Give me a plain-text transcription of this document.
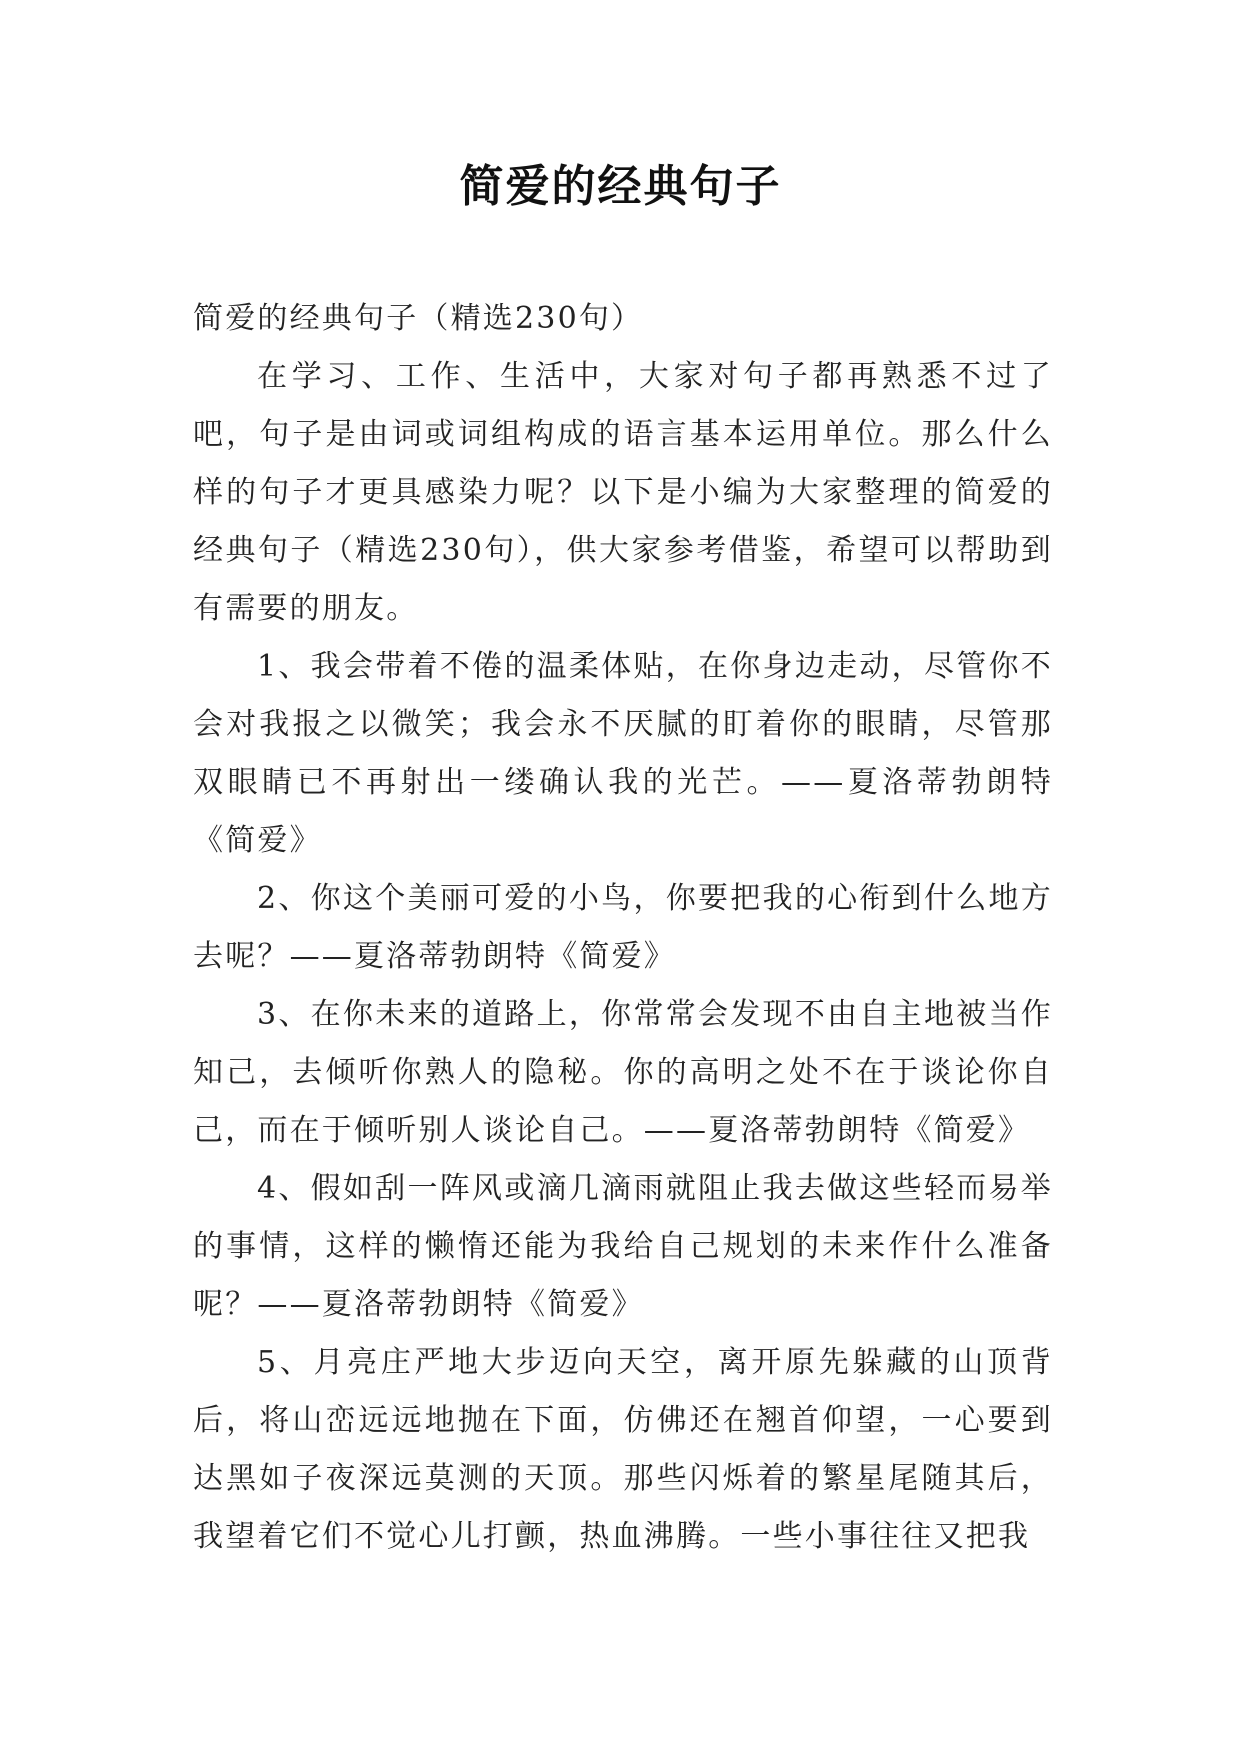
简爱的经典句子

简爱的经典句子（精选230句）

在学习、工作、生活中，大家对句子都再熟悉不过了吧，句子是由词或词组构成的语言基本运用单位。那么什么样的句子才更具感染力呢？以下是小编为大家整理的简爱的经典句子（精选230句），供大家参考借鉴，希望可以帮助到有需要的朋友。

1、我会带着不倦的温柔体贴，在你身边走动，尽管你不会对我报之以微笑；我会永不厌腻的盯着你的眼睛，尽管那双眼睛已不再射出一缕确认我的光芒。——夏洛蒂勃朗特《简爱》

2、你这个美丽可爱的小鸟，你要把我的心衔到什么地方去呢？——夏洛蒂勃朗特《简爱》

3、在你未来的道路上，你常常会发现不由自主地被当作知己，去倾听你熟人的隐秘。你的高明之处不在于谈论你自己，而在于倾听别人谈论自己。——夏洛蒂勃朗特《简爱》

4、假如刮一阵风或滴几滴雨就阻止我去做这些轻而易举的事情，这样的懒惰还能为我给自己规划的未来作什么准备呢？——夏洛蒂勃朗特《简爱》

5、月亮庄严地大步迈向天空，离开原先躲藏的山顶背后，将山峦远远地抛在下面，仿佛还在翘首仰望，一心要到达黑如子夜深远莫测的天顶。那些闪烁着的繁星尾随其后，我望着它们不觉心儿打颤，热血沸腾。一些小事往往又把我
